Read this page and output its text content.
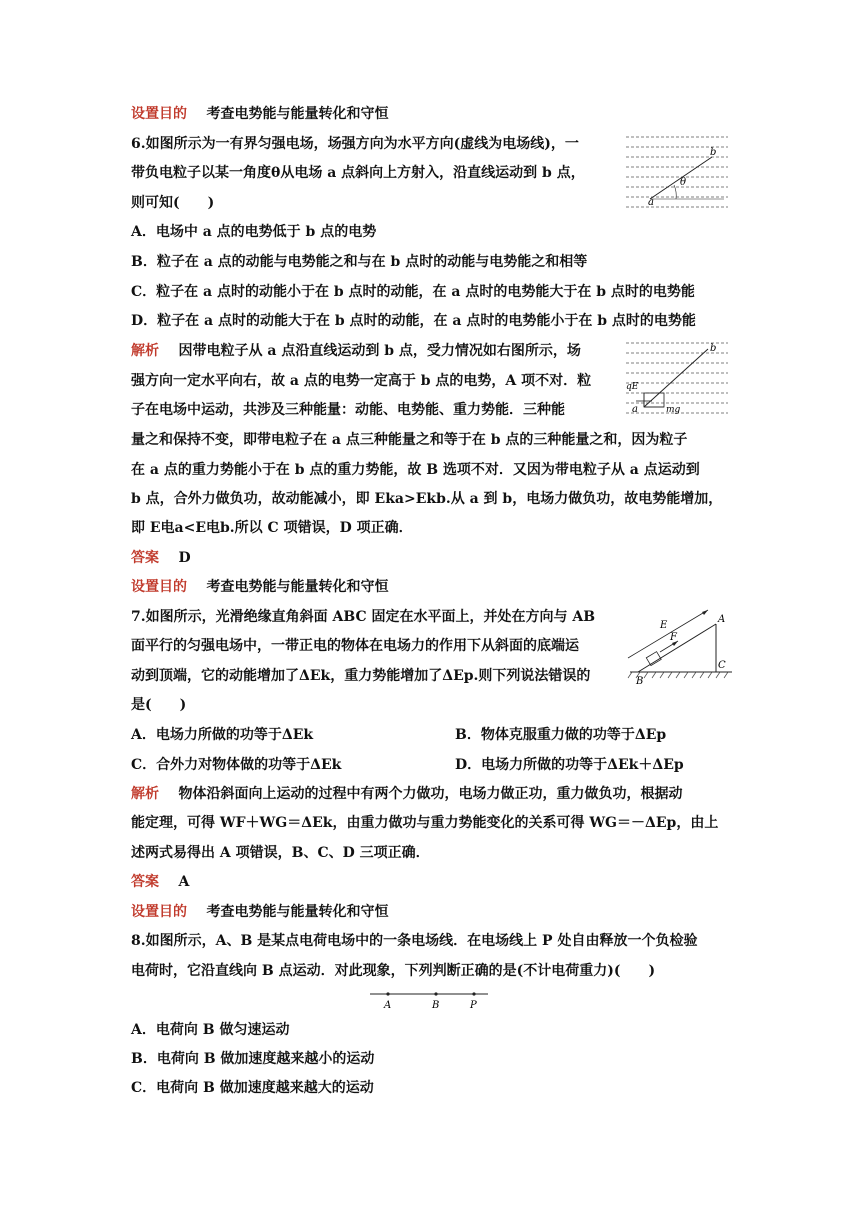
设置目的 考查电势能与能量转化和守恒
6.如图所示为一有界匀强电场，场强方向为水平方向(虚线为电场线)，一
带负电粒子以某一角度θ从电场 a 点斜向上方射入，沿直线运动到 b 点，
则可知(　　)
b
θ
a
A．电场中 a 点的电势低于 b 点的电势
B．粒子在 a 点的动能与电势能之和与在 b 点时的动能与电势能之和相等
C．粒子在 a 点时的动能小于在 b 点时的动能，在 a 点时的电势能大于在 b 点时的电势能
D．粒子在 a 点时的动能大于在 b 点时的动能，在 a 点时的电势能小于在 b 点时的电势能
解析 因带电粒子从 a 点沿直线运动到 b 点，受力情况如右图所示，场
强方向一定水平向右，故 a 点的电势一定高于 b 点的电势，A 项不对．粒
子在电场中运动，共涉及三种能量：动能、电势能、重力势能．三种能
量之和保持不变，即带电粒子在 a 点三种能量之和等于在 b 点的三种能量之和，因为粒子
在 a 点的重力势能小于在 b 点的重力势能，故 B 选项不对．又因为带电粒子从 a 点运动到
b 点，合外力做负功，故动能减小，即 Eka>Ekb.从 a 到 b，电场力做负功，故电势能增加，
即 E电a<E电b.所以 C 项错误，D 项正确．
b
qE
a	mg
答案 D
设置目的 考查电势能与能量转化和守恒
7.如图所示，光滑绝缘直角斜面 ABC 固定在水平面上，并处在方向与 AB
面平行的匀强电场中，一带正电的物体在电场力的作用下从斜面的底端运
动到顶端，它的动能增加了ΔEk，重力势能增加了ΔEp.则下列说法错误的
是(　　)
E
F
A
B
C
A．电场力所做的功等于ΔEk	B．物体克服重力做的功等于ΔEp
C．合外力对物体做的功等于ΔEk	D．电场力所做的功等于ΔEk＋ΔEp
解析 物体沿斜面向上运动的过程中有两个力做功，电场力做正功，重力做负功，根据动
能定理，可得 WF＋WG＝ΔEk，由重力做功与重力势能变化的关系可得 WG＝－ΔEp，由上
述两式易得出 A 项错误，B、C、D 三项正确．
答案 A
设置目的 考查电势能与能量转化和守恒
8.如图所示，A、B 是某点电荷电场中的一条电场线．在电场线上 P 处自由释放一个负检验
电荷时，它沿直线向 B 点运动．对此现象，下列判断正确的是(不计电荷重力)(　　)
A	B	P
A．电荷向 B 做匀速运动
B．电荷向 B 做加速度越来越小的运动
C．电荷向 B 做加速度越来越大的运动
